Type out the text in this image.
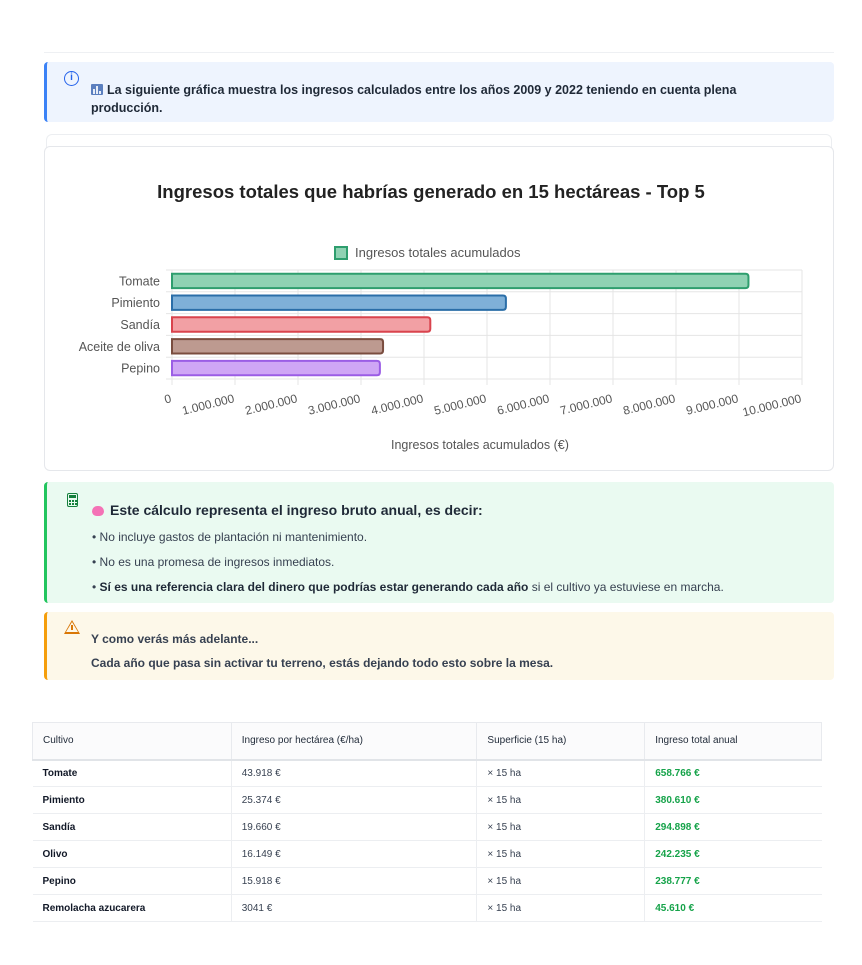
i
La siguiente gráfica muestra los ingresos calculados entre los años 2009 y 2022 teniendo en cuenta plena producción.
Ingresos totales que habrías generado en 15 hectáreas - Top 5
Ingresos totales acumulados
Tomate
Pimiento
Sandía
Aceite de oliva
Pepino
0 1.000.000 2.000.000 3.000.000 4.000.000 5.000.000 6.000.000 7.000.000 8.000.000 9.000.000 10.000.000
Ingresos totales acumulados (€)
Este cálculo representa el ingreso bruto anual, es decir:
• No incluye gastos de plantación ni mantenimiento.
• No es una promesa de ingresos inmediatos.
• Sí es una referencia clara del dinero que podrías estar generando cada año si el cultivo ya estuviese en marcha.
Y como verás más adelante...
Cada año que pasa sin activar tu terreno, estás dejando todo esto sobre la mesa.
Cultivo	Ingreso por hectárea (€/ha)	Superficie (15 ha)	Ingreso total anual
Tomate	43.918 €	× 15 ha	658.766 €
Pimiento	25.374 €	× 15 ha	380.610 €
Sandía	19.660 €	× 15 ha	294.898 €
Olivo	16.149 €	× 15 ha	242.235 €
Pepino	15.918 €	× 15 ha	238.777 €
Remolacha azucarera	3041 €	× 15 ha	45.610 €
